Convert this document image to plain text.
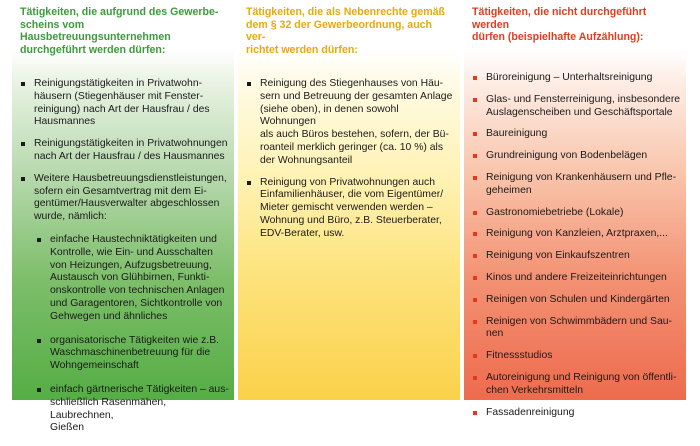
Tätigkeiten, die aufgrund des Gewerbe-
scheins vom Hausbetreuungsunternehmen
durchgeführt werden dürfen:
Reinigungstätigkeiten in Privatwohn-
häusern (Stiegenhäuser mit Fenster-
reinigung) nach Art der Hausfrau / des
Hausmannes
Reinigungstätigkeiten in Privatwohnungen
nach Art der Hausfrau / des Hausmannes
Weitere Hausbetreuungsdienstleistungen,
sofern ein Gesamtvertrag mit dem Ei-
gentümer/Hausverwalter abgeschlossen
wurde, nämlich:
einfache Haustechniktätigkeiten und
Kontrolle, wie Ein- und Ausschalten
von Heizungen, Aufzugsbetreuung,
Austausch von Glühbirnen, Funkti-
onskontrolle von technischen Anlagen
und Garagentoren, Sichtkontrolle von
Gehwegen und ähnliches
organisatorische Tätigkeiten wie z.B.
Waschmaschinenbetreuung für die
Wohngemeinschaft
einfach gärtnerische Tätigkeiten – aus-
schließlich Rasenmähen, Laubrechnen,
Gießen
Tätigkeiten, die als Nebenrechte gemäß
dem § 32 der Gewerbeordnung, auch ver-
richtet werden dürfen:
Reinigung des Stiegenhauses von Häu-
sern und Betreuung der gesamten Anlage
(siehe oben), in denen sowohl Wohnungen
als auch Büros bestehen, sofern, der Bü-
roanteil merklich geringer (ca. 10 %) als
der Wohnungsanteil
Reinigung von Privatwohnungen auch
Einfamilienhäuser, die vom Eigentümer/
Mieter gemischt verwenden werden –
Wohnung und Büro, z.B. Steuerberater,
EDV-Berater, usw.
Tätigkeiten, die nicht durchgeführt werden
dürfen (beispielhafte Aufzählung):
Büroreinigung – Unterhaltsreinigung
Glas- und Fensterreinigung, insbesondere
Auslagenscheiben und Geschäftsportale
Baureinigung
Grundreinigung von Bodenbelägen
Reinigung von Krankenhäusern und Pfle-
geheimen
Gastronomiebetriebe (Lokale)
Reinigung von Kanzleien, Arztpraxen,...
Reinigung von Einkaufszentren
Kinos und andere Freizeiteinrichtungen
Reinigen von Schulen und Kindergärten
Reinigen von Schwimmbädern und Sau-
nen
Fitnessstudios
Autoreinigung und Reinigung von öffentli-
chen Verkehrsmitteln
Fassadenreinigung
